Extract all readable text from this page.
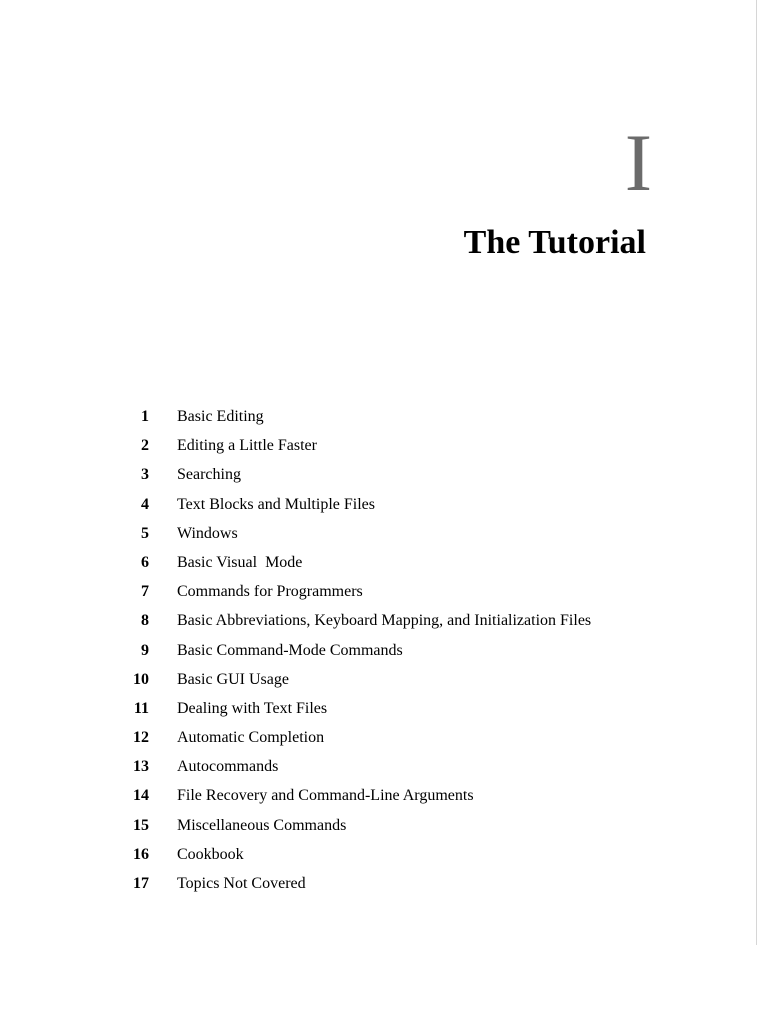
I
The Tutorial
1 Basic Editing
2 Editing a Little Faster
3 Searching
4 Text Blocks and Multiple Files
5 Windows
6 Basic Visual  Mode
7 Commands for Programmers
8 Basic Abbreviations, Keyboard Mapping, and Initialization Files
9 Basic Command-Mode Commands
10 Basic GUI Usage
11 Dealing with Text Files
12 Automatic Completion
13 Autocommands
14 File Recovery and Command-Line Arguments
15 Miscellaneous Commands
16 Cookbook
17 Topics Not Covered
